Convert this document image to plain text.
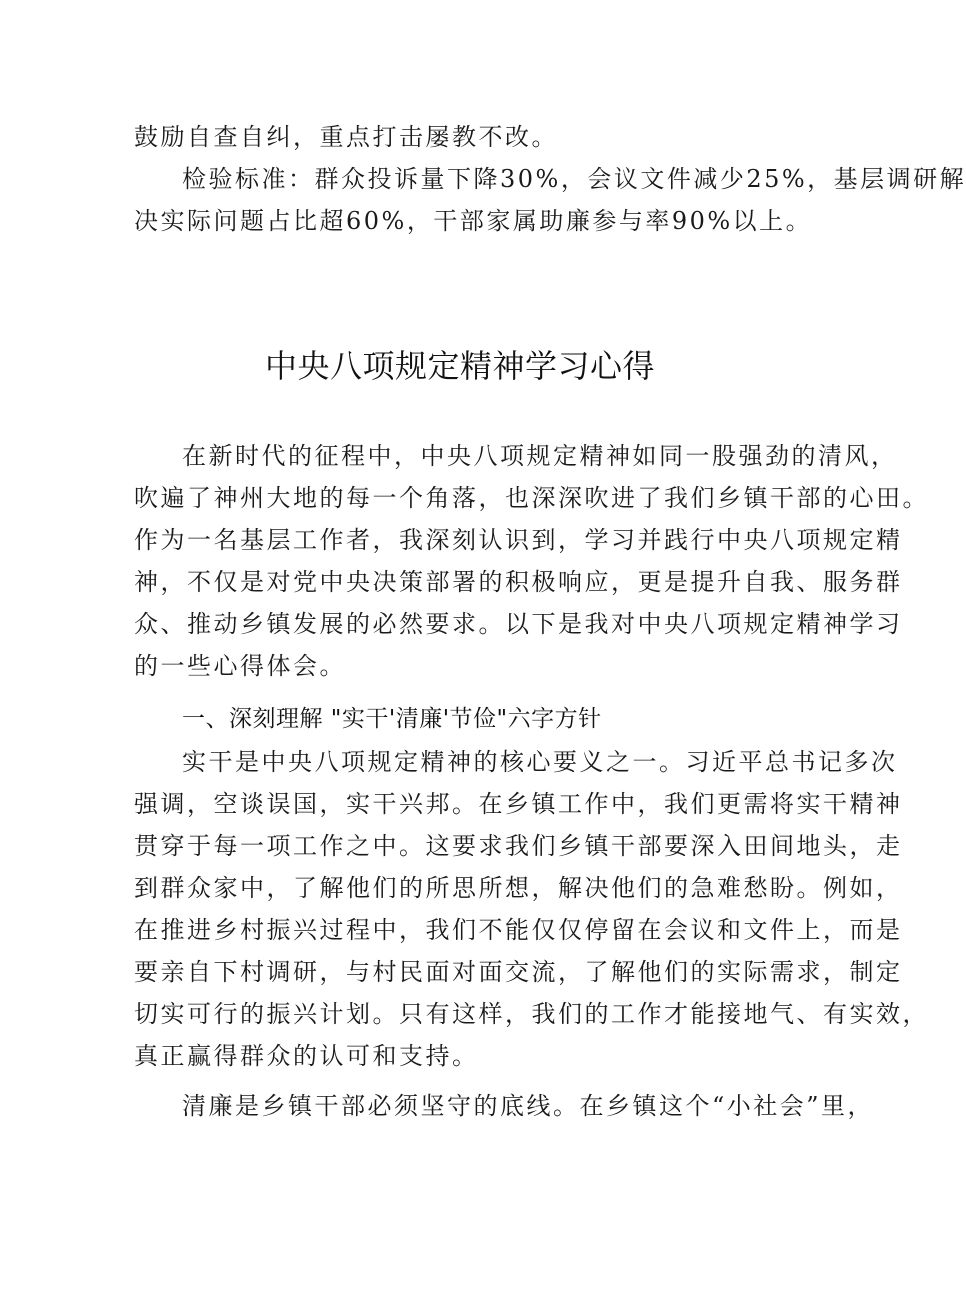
鼓励自查自纠，重点打击屡教不改。
检验标准：群众投诉量下降30%，会议文件减少25%，基层调研解
决实际问题占比超60%，干部家属助廉参与率90%以上。
中央八项规定精神学习心得
在新时代的征程中，中央八项规定精神如同一股强劲的清风，
吹遍了神州大地的每一个角落，也深深吹进了我们乡镇干部的心田。
作为一名基层工作者，我深刻认识到，学习并践行中央八项规定精
神，不仅是对党中央决策部署的积极响应，更是提升自我、服务群
众、推动乡镇发展的必然要求。以下是我对中央八项规定精神学习
的一些心得体会。
一、深刻理解 "实干'清廉'节俭"六字方针
实干是中央八项规定精神的核心要义之一。习近平总书记多次
强调，空谈误国，实干兴邦。在乡镇工作中，我们更需将实干精神
贯穿于每一项工作之中。这要求我们乡镇干部要深入田间地头，走
到群众家中，了解他们的所思所想，解决他们的急难愁盼。例如，
在推进乡村振兴过程中，我们不能仅仅停留在会议和文件上，而是
要亲自下村调研，与村民面对面交流，了解他们的实际需求，制定
切实可行的振兴计划。只有这样，我们的工作才能接地气、有实效，
真正赢得群众的认可和支持。
清廉是乡镇干部必须坚守的底线。在乡镇这个“小社会”里，
